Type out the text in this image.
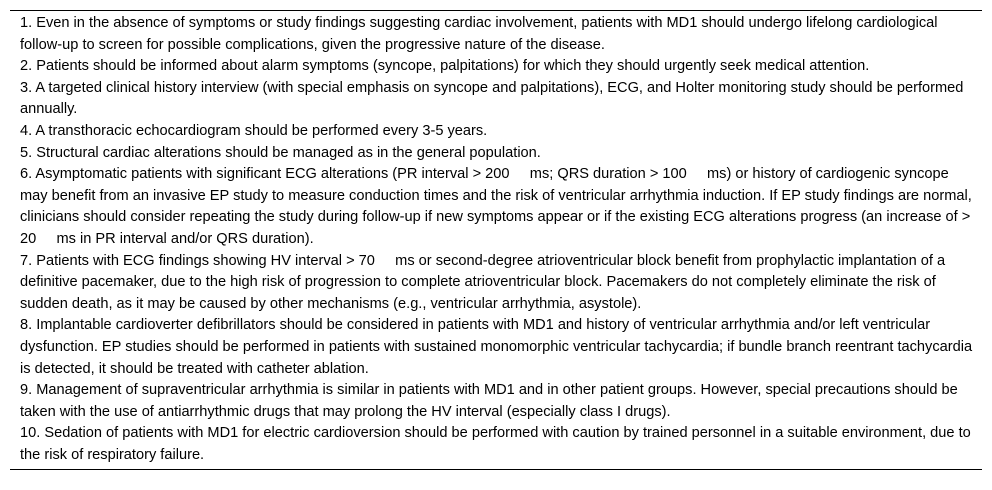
1. Even in the absence of symptoms or study findings suggesting cardiac involvement, patients with MD1 should undergo lifelong cardiological follow-up to screen for possible complications, given the progressive nature of the disease.

2. Patients should be informed about alarm symptoms (syncope, palpitations) for which they should urgently seek medical attention.

3. A targeted clinical history interview (with special emphasis on syncope and palpitations), ECG, and Holter monitoring study should be performed annually.

4. A transthoracic echocardiogram should be performed every 3-5 years.

5. Structural cardiac alterations should be managed as in the general population.

6. Asymptomatic patients with significant ECG alterations (PR interval > 200     ms; QRS duration > 100     ms) or history of cardiogenic syncope may benefit from an invasive EP study to measure conduction times and the risk of ventricular arrhythmia induction. If EP study findings are normal, clinicians should consider repeating the study during follow-up if new symptoms appear or if the existing ECG alterations progress (an increase of > 20     ms in PR interval and/or QRS duration).

7. Patients with ECG findings showing HV interval > 70     ms or second-degree atrioventricular block benefit from prophylactic implantation of a definitive pacemaker, due to the high risk of progression to complete atrioventricular block. Pacemakers do not completely eliminate the risk of sudden death, as it may be caused by other mechanisms (e.g., ventricular arrhythmia, asystole).

8. Implantable cardioverter defibrillators should be considered in patients with MD1 and history of ventricular arrhythmia and/or left ventricular dysfunction. EP studies should be performed in patients with sustained monomorphic ventricular tachycardia; if bundle branch reentrant tachycardia is detected, it should be treated with catheter ablation.

9. Management of supraventricular arrhythmia is similar in patients with MD1 and in other patient groups. However, special precautions should be taken with the use of antiarrhythmic drugs that may prolong the HV interval (especially class I drugs).

10. Sedation of patients with MD1 for electric cardioversion should be performed with caution by trained personnel in a suitable environment, due to the risk of respiratory failure.
